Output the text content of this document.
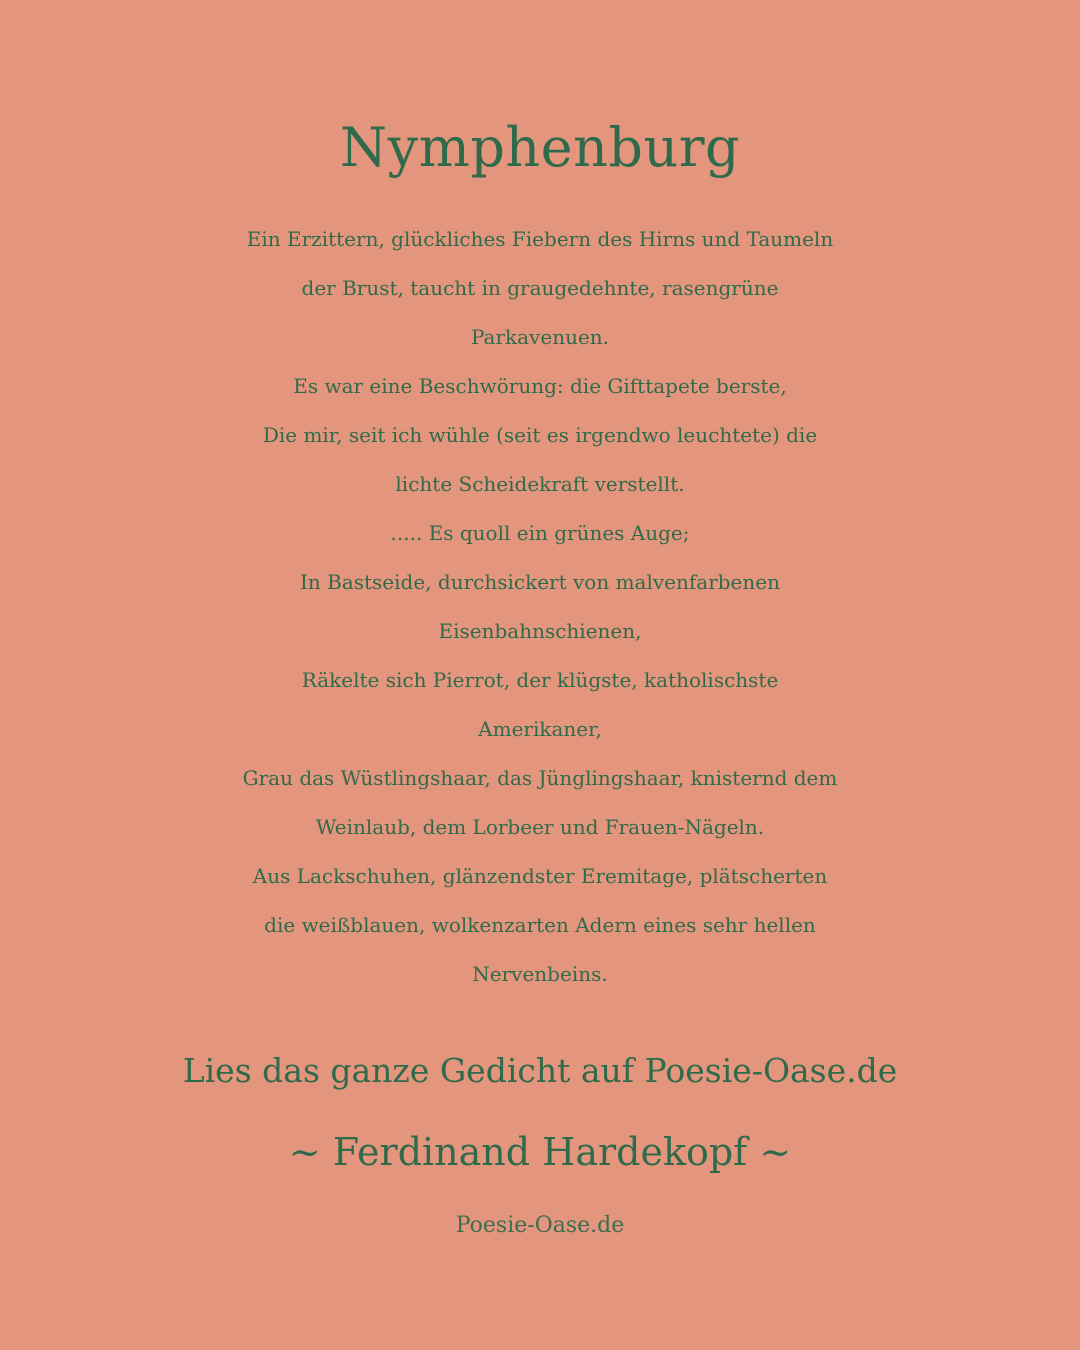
Nymphenburg
Ein Erzittern, glückliches Fiebern des Hirns und Taumeln
der Brust, taucht in graugedehnte, rasengrüne
Parkavenuen.
Es war eine Beschwörung: die Gifttapete berste,
Die mir, seit ich wühle (seit es irgendwo leuchtete) die
lichte Scheidekraft verstellt.
..... Es quoll ein grünes Auge;
In Bastseide, durchsickert von malvenfarbenen
Eisenbahnschienen,
Räkelte sich Pierrot, der klügste, katholischste
Amerikaner,
Grau das Wüstlingshaar, das Jünglingshaar, knisternd dem
Weinlaub, dem Lorbeer und Frauen-Nägeln.
Aus Lackschuhen, glänzendster Eremitage, plätscherten
die weißblauen, wolkenzarten Adern eines sehr hellen
Nervenbeins.
Lies das ganze Gedicht auf Poesie-Oase.de
~ Ferdinand Hardekopf ~
Poesie-Oase.de
